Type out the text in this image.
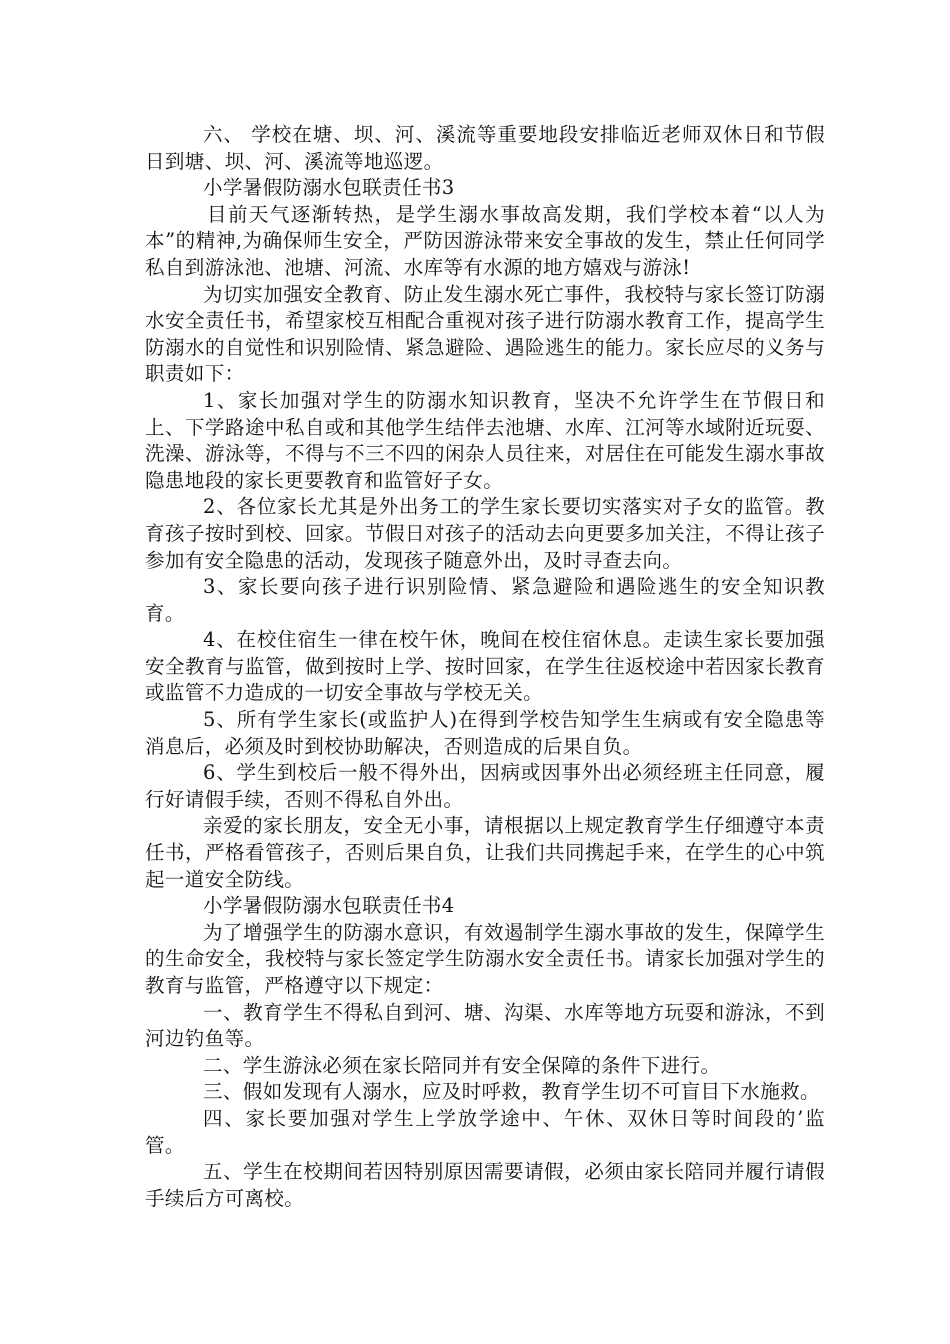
六、 学校在塘、坝、河、溪流等重要地段安排临近老师双休日和节假日到塘、坝、河、溪流等地巡逻。

小学暑假防溺水包联责任书3

目前天气逐渐转热，是学生溺水事故高发期，我们学校本着“以人为本”的精神,为确保师生安全，严防因游泳带来安全事故的发生，禁止任何同学私自到游泳池、池塘、河流、水库等有水源的地方嬉戏与游泳!

为切实加强安全教育、防止发生溺水死亡事件，我校特与家长签订防溺水安全责任书，希望家校互相配合重视对孩子进行防溺水教育工作，提高学生防溺水的自觉性和识别险情、紧急避险、遇险逃生的能力。家长应尽的义务与职责如下：

1、家长加强对学生的防溺水知识教育，坚决不允许学生在节假日和上、下学路途中私自或和其他学生结伴去池塘、水库、江河等水域附近玩耍、洗澡、游泳等，不得与不三不四的闲杂人员往来，对居住在可能发生溺水事故隐患地段的家长更要教育和监管好子女。

2、各位家长尤其是外出务工的学生家长要切实落实对子女的监管。教育孩子按时到校、回家。节假日对孩子的活动去向更要多加关注，不得让孩子参加有安全隐患的活动，发现孩子随意外出，及时寻查去向。

3、家长要向孩子进行识别险情、紧急避险和遇险逃生的安全知识教育。

4、在校住宿生一律在校午休，晚间在校住宿休息。走读生家长要加强安全教育与监管，做到按时上学、按时回家，在学生往返校途中若因家长教育或监管不力造成的一切安全事故与学校无关。

5、所有学生家长(或监护人)在得到学校告知学生生病或有安全隐患等消息后，必须及时到校协助解决，否则造成的后果自负。

6、学生到校后一般不得外出，因病或因事外出必须经班主任同意，履行好请假手续，否则不得私自外出。

亲爱的家长朋友，安全无小事，请根据以上规定教育学生仔细遵守本责任书，严格看管孩子，否则后果自负，让我们共同携起手来，在学生的心中筑起一道安全防线。

小学暑假防溺水包联责任书4

为了增强学生的防溺水意识，有效遏制学生溺水事故的发生，保障学生的生命安全，我校特与家长签定学生防溺水安全责任书。请家长加强对学生的教育与监管，严格遵守以下规定：

一、教育学生不得私自到河、塘、沟渠、水库等地方玩耍和游泳，不到河边钓鱼等。

二、学生游泳必须在家长陪同并有安全保障的条件下进行。

三、假如发现有人溺水，应及时呼救，教育学生切不可盲目下水施救。

四、家长要加强对学生上学放学途中、午休、双休日等时间段的’监管。

五、学生在校期间若因特别原因需要请假，必须由家长陪同并履行请假手续后方可离校。
